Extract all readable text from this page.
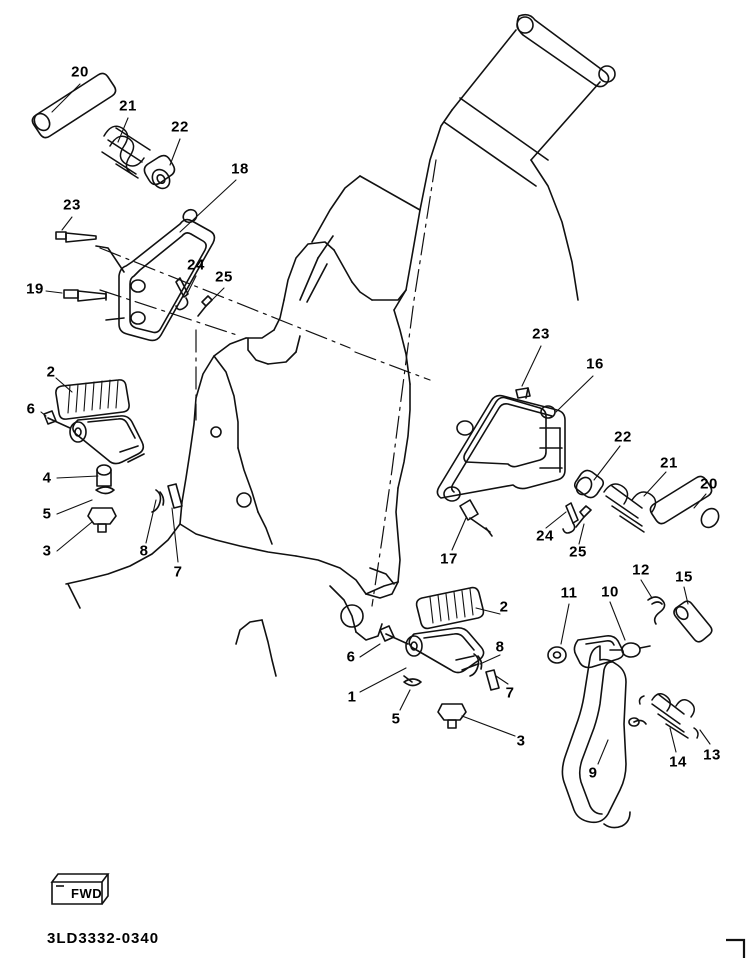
FWD
3LD3332-0340
20
21
22
18
23
24
25
19
2
6
4
5
3	8
7
23
16
22
21
20
24
25
17
12 15
11 10
2
6
8
1	7
5
3
9
14 13
